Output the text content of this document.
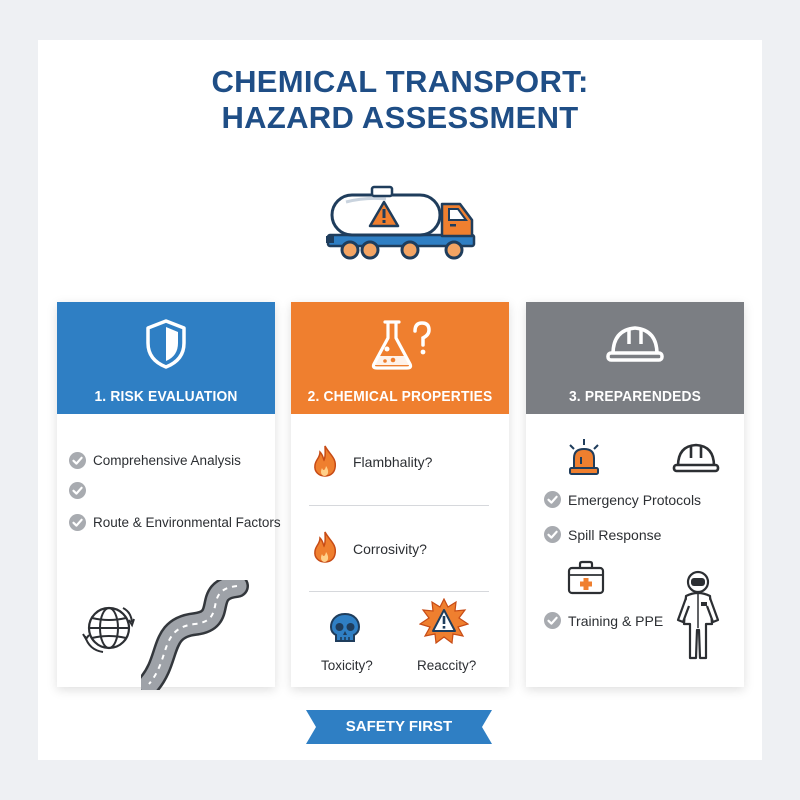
CHEMICAL TRANSPORT:
HAZARD ASSESSMENT
1. RISK EVALUATION
Comprehensive Analysis
Route & Environmental Factors
2. CHEMICAL PROPERTIES
Flambhality?
Corrosivity?
Toxicity?	Reaccity?
3. PREPARENDEDS
Emergency Protocols
Spill Response
Training & PPE
SAFETY FIRST
